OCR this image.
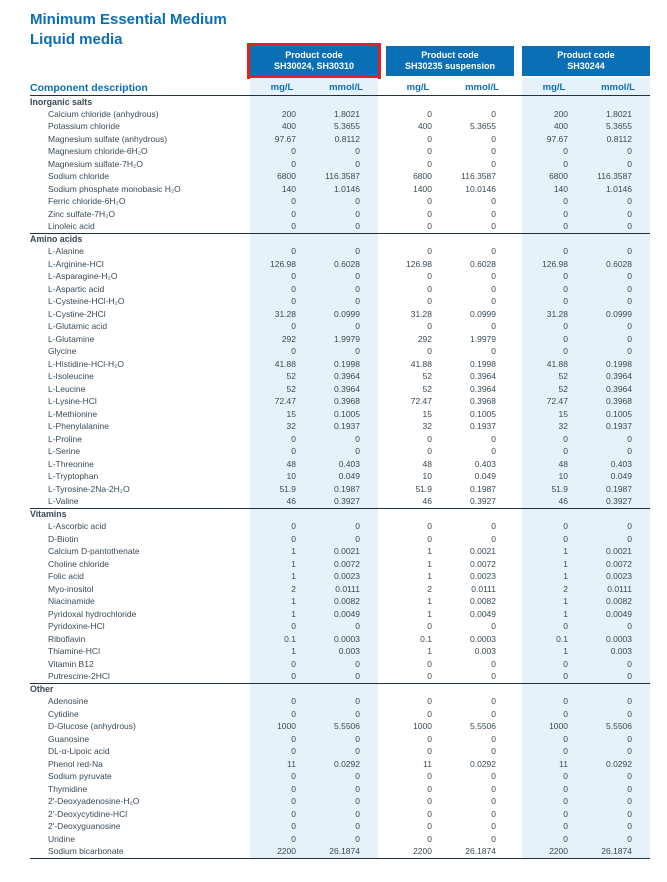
Minimum Essential Medium
Liquid media
Product code
SH30024, SH30310
Product code
SH30235 suspension
Product code
SH30244
Component description	mg/L	mmol/L	mg/L	mmol/L	mg/L	mmol/L
Inorganic salts
Calcium chloride (anhydrous)	200	1.8021	0	0	200	1.8021
Potassium chloride	400	5.3655	400	5.3655	400	5.3655
Magnesium sulfate (anhydrous)	97.67	0.8112	0	0	97.67	0.8112
Magnesium chloride-6H₂O	0	0	0	0	0	0
Magnesium sulfate-7H₂O	0	0	0	0	0	0
Sodium chloride	6800	116.3587	6800	116.3587	6800	116.3587
Sodium phosphate monobasic H₂O	140	1.0146	1400	10.0146	140	1.0146
Ferric chloride-6H₂O	0	0	0	0	0	0
Zinc sulfate-7H₂O	0	0	0	0	0	0
Linoleic acid	0	0	0	0	0	0
Amino acids
L-Alanine	0	0	0	0	0	0
L-Arginine-HCl	126.98	0.6028	126.98	0.6028	126.98	0.6028
L-Asparagine-H₂O	0	0	0	0	0	0
L-Aspartic acid	0	0	0	0	0	0
L-Cysteine-HCl-H₂O	0	0	0	0	0	0
L-Cystine-2HCl	31.28	0.0999	31.28	0.0999	31.28	0.0999
L-Glutamic acid	0	0	0	0	0	0
L-Glutamine	292	1.9979	292	1.9979	0	0
Glycine	0	0	0	0	0	0
L-Histidine-HCl-H₂O	41.88	0.1998	41.88	0.1998	41.88	0.1998
L-Isoleucine	52	0.3964	52	0.3964	52	0.3964
L-Leucine	52	0.3964	52	0.3964	52	0.3964
L-Lysine-HCl	72.47	0.3968	72.47	0.3968	72.47	0.3968
L-Methionine	15	0.1005	15	0.1005	15	0.1005
L-Phenylalanine	32	0.1937	32	0.1937	32	0.1937
L-Proline	0	0	0	0	0	0
L-Serine	0	0	0	0	0	0
L-Threonine	48	0.403	48	0.403	48	0.403
L-Tryptophan	10	0.049	10	0.049	10	0.049
L-Tyrosine-2Na-2H₂O	51.9	0.1987	51.9	0.1987	51.9	0.1987
L-Valine	46	0.3927	46	0.3927	46	0.3927
Vitamins
L-Ascorbic acid	0	0	0	0	0	0
D-Biotin	0	0	0	0	0	0
Calcium D-pantothenate	1	0.0021	1	0.0021	1	0.0021
Choline chloride	1	0.0072	1	0.0072	1	0.0072
Folic acid	1	0.0023	1	0.0023	1	0.0023
Myo-inositol	2	0.0111	2	0.0111	2	0.0111
Niacinamide	1	0.0082	1	0.0082	1	0.0082
Pyridoxal hydrochloride	1	0.0049	1	0.0049	1	0.0049
Pyridoxine-HCl	0	0	0	0	0	0
Riboflavin	0.1	0.0003	0.1	0.0003	0.1	0.0003
Thiamine-HCl	1	0.003	1	0.003	1	0.003
Vitamin B12	0	0	0	0	0	0
Putrescine-2HCl	0	0	0	0	0	0
Other
Adenosine	0	0	0	0	0	0
Cytidine	0	0	0	0	0	0
D-Glucose (anhydrous)	1000	5.5506	1000	5.5506	1000	5.5506
Guanosine	0	0	0	0	0	0
DL-α-Lipoic acid	0	0	0	0	0	0
Phenol red-Na	11	0.0292	11	0.0292	11	0.0292
Sodium pyruvate	0	0	0	0	0	0
Thymidine	0	0	0	0	0	0
2'-Deoxyadenosine-H₂O	0	0	0	0	0	0
2'-Deoxycytidine-HCl	0	0	0	0	0	0
2'-Deoxyguanosine	0	0	0	0	0	0
Uridine	0	0	0	0	0	0
Sodium bicarbonate	2200	26.1874	2200	26.1874	2200	26.1874
